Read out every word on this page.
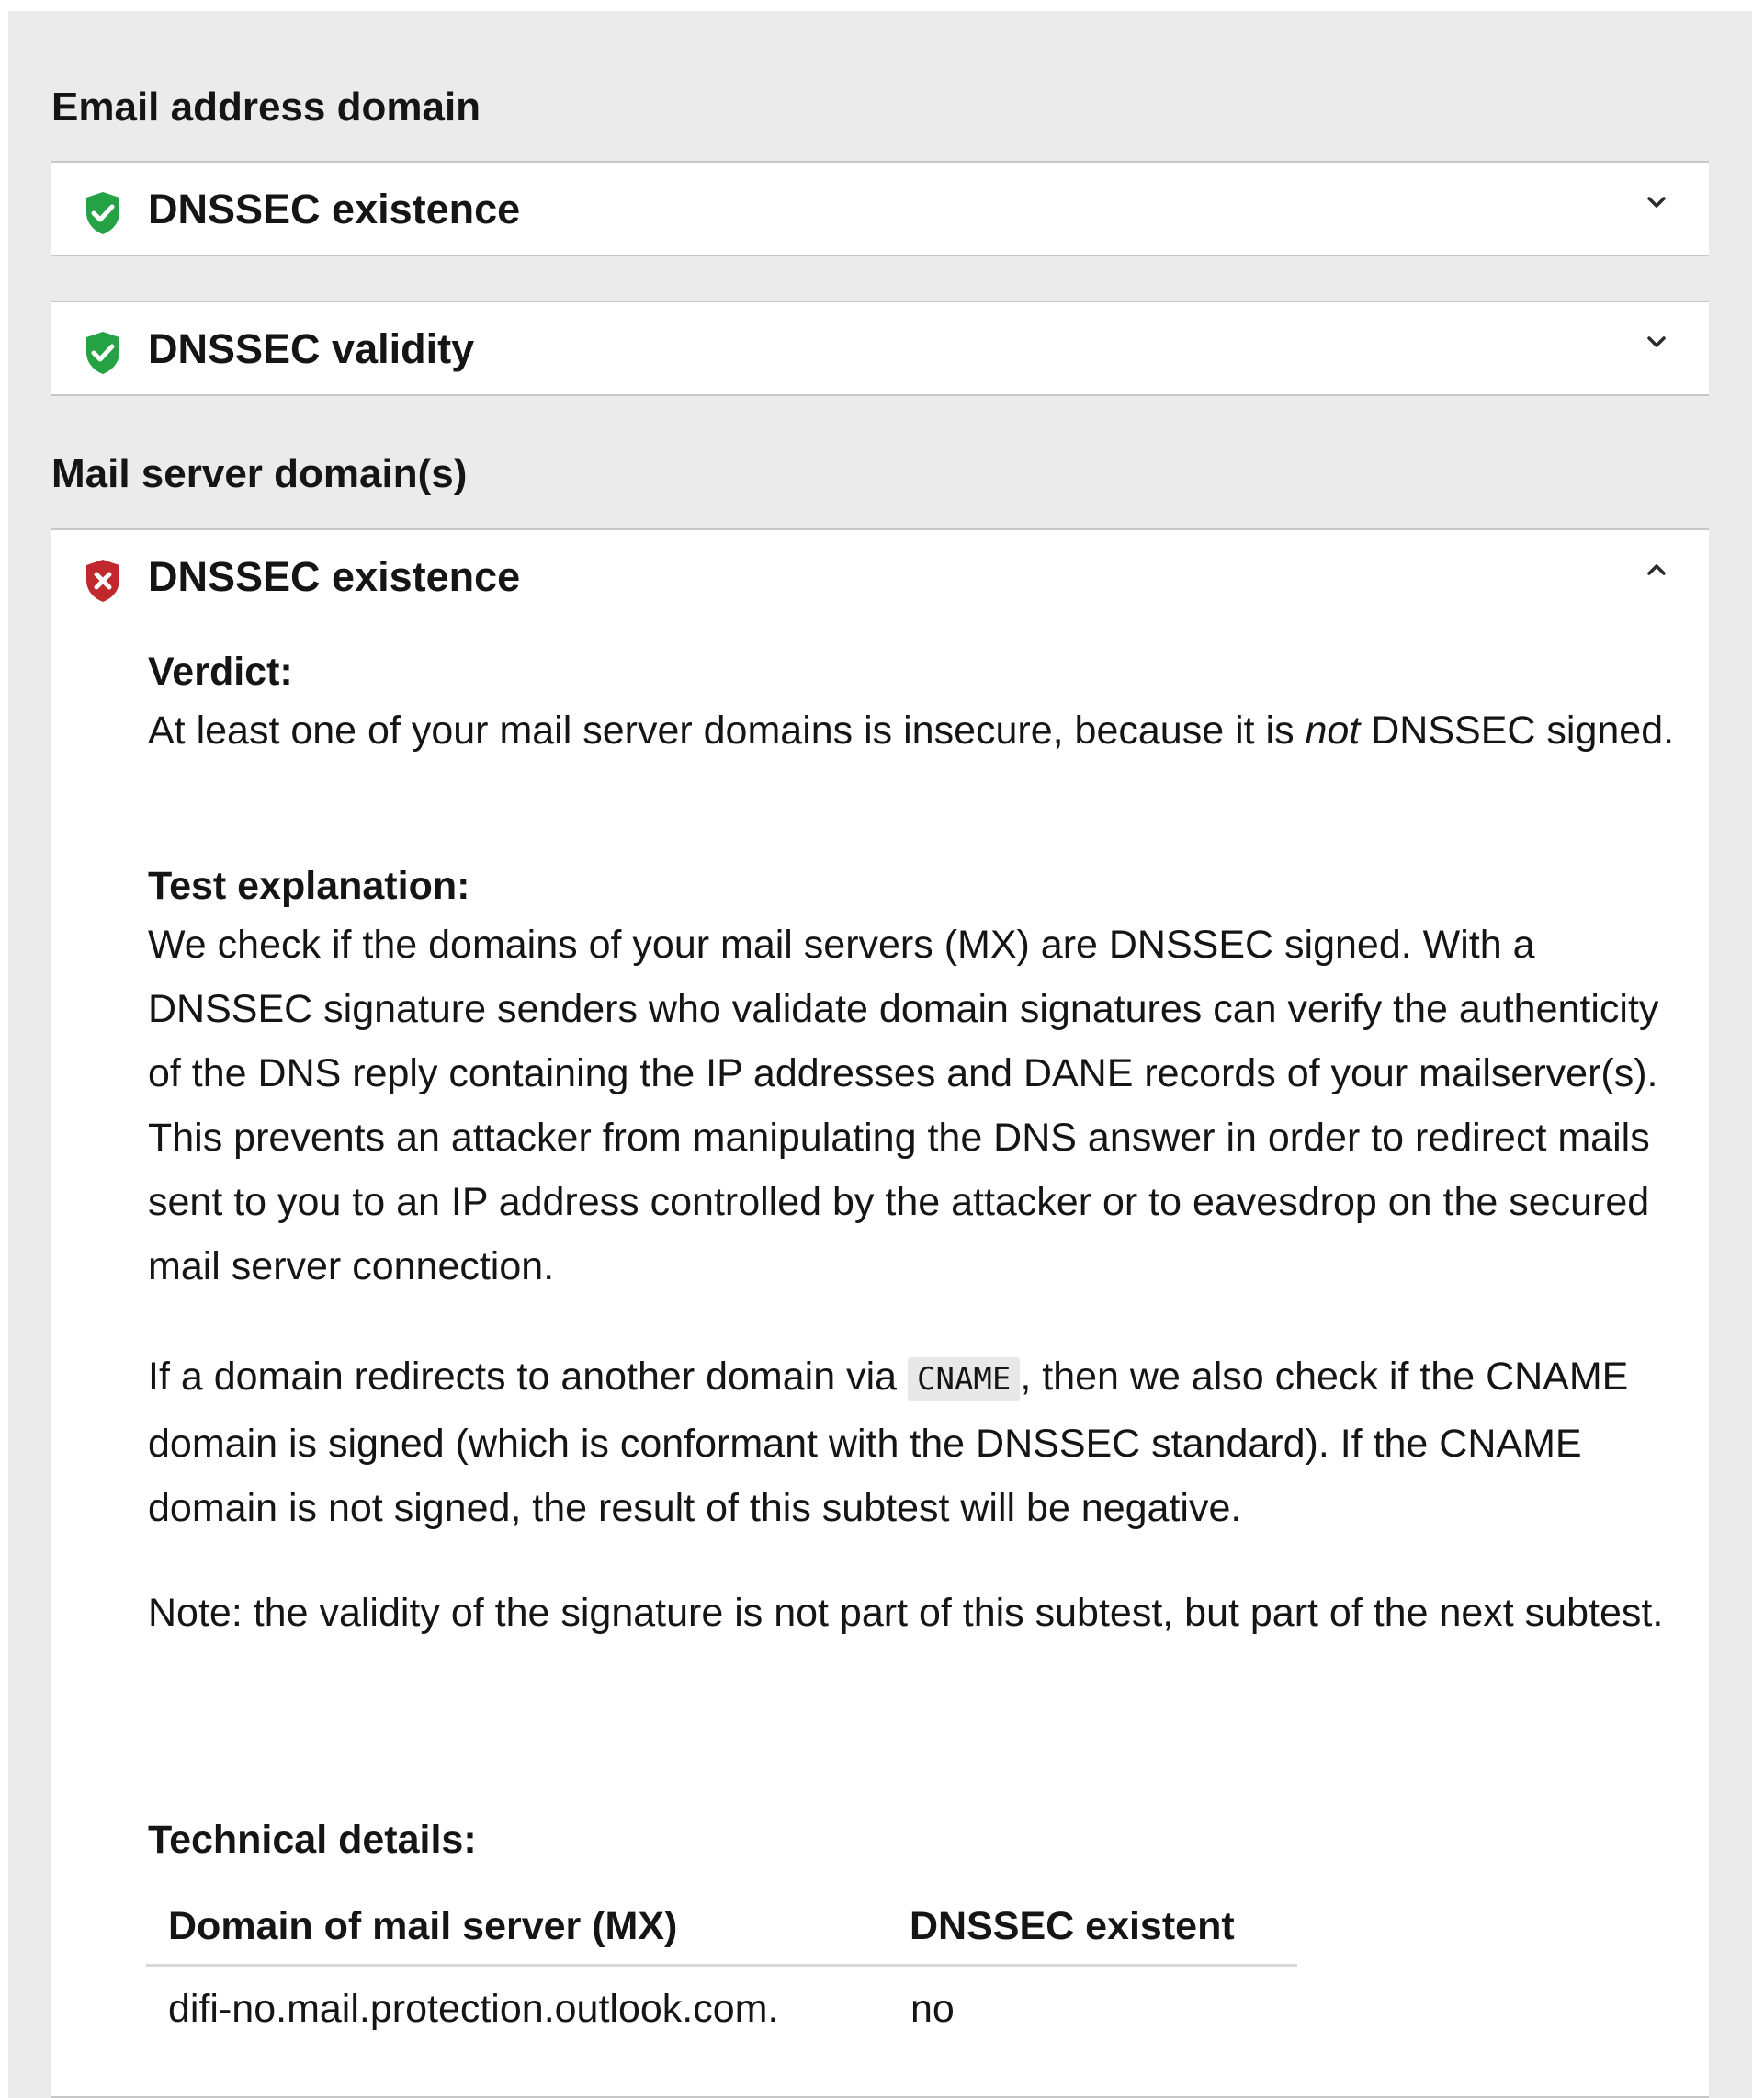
Email address domain
DNSSEC existence
DNSSEC validity
Mail server domain(s)
DNSSEC existence
Verdict:

At least one of your mail server domains is insecure, because it is not DNSSEC signed.

Test explanation:

We check if the domains of your mail servers (MX) are DNSSEC signed. With a DNSSEC signature senders who validate domain signatures can verify the authenticity of the DNS reply containing the IP addresses and DANE records of your mailserver(s). This prevents an attacker from manipulating the DNS answer in order to redirect mails sent to you to an IP address controlled by the attacker or to eavesdrop on the secured mail server connection.

If a domain redirects to another domain via CNAME , then we also check if the CNAME domain is signed (which is conformant with the DNSSEC standard). If the CNAME domain is not signed, the result of this subtest will be negative.

Note: the validity of the signature is not part of this subtest, but part of the next subtest.

Technical details:
Domain of mail server (MX)	DNSSEC existent
difi-no.mail.protection.outlook.com.	no
